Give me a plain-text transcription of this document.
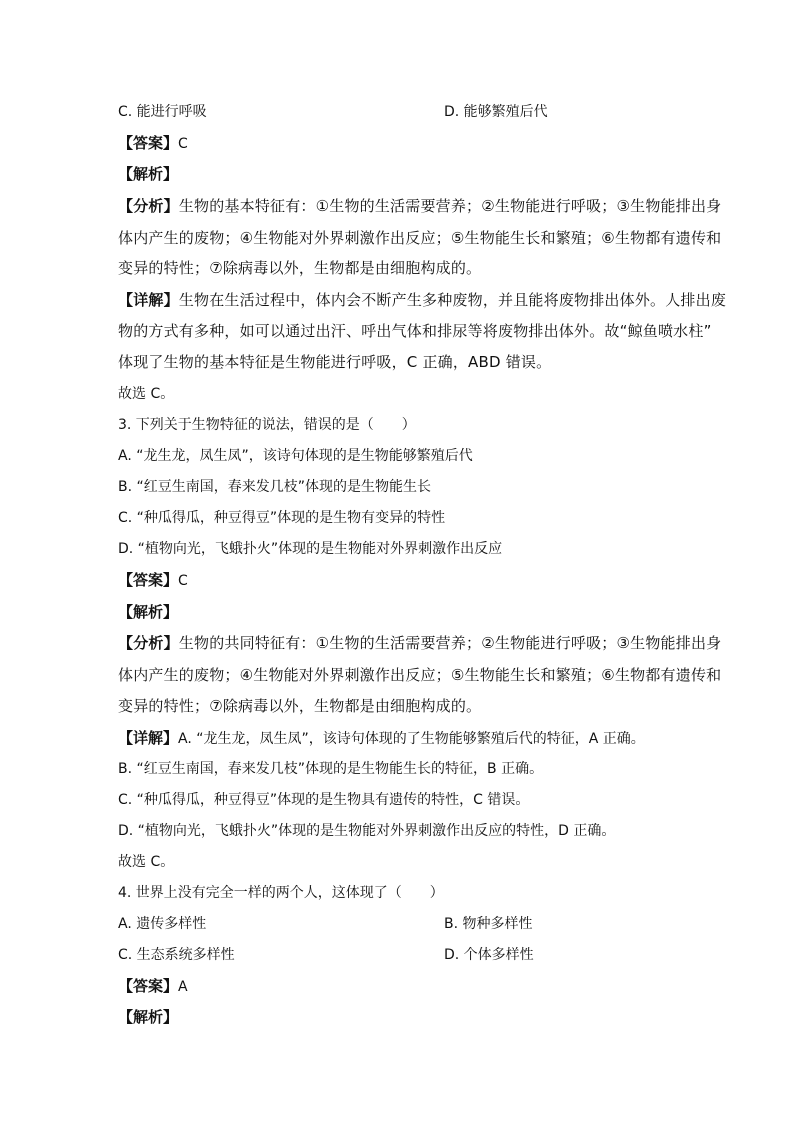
C. 能进行呼吸	D. 能够繁殖后代
【答案】C
【解析】
【分析】生物的基本特征有：①生物的生活需要营养；②生物能进行呼吸；③生物能排出身
体内产生的废物；④生物能对外界刺激作出反应；⑤生物能生长和繁殖；⑥生物都有遗传和
变异的特性；⑦除病毒以外，生物都是由细胞构成的。
【详解】生物在生活过程中，体内会不断产生多种废物，并且能将废物排出体外。人排出废
物的方式有多种，如可以通过出汗、呼出气体和排尿等将废物排出体外。故“鲸鱼喷水柱”
体现了生物的基本特征是生物能进行呼吸，C 正确，ABD 错误。
故选 C。
3. 下列关于生物特征的说法，错误的是（　　）
A. “龙生龙，凤生凤”，该诗句体现的是生物能够繁殖后代
B. “红豆生南国，春来发几枝”体现的是生物能生长
C. “种瓜得瓜，种豆得豆”体现的是生物有变异的特性
D. “植物向光，飞蛾扑火”体现的是生物能对外界刺激作出反应
【答案】C
【解析】
【分析】生物的共同特征有：①生物的生活需要营养；②生物能进行呼吸；③生物能排出身
体内产生的废物；④生物能对外界刺激作出反应；⑤生物能生长和繁殖；⑥生物都有遗传和
变异的特性；⑦除病毒以外，生物都是由细胞构成的。
【详解】A. “龙生龙，凤生凤”，该诗句体现的了生物能够繁殖后代的特征，A 正确。
B. “红豆生南国，春来发几枝”体现的是生物能生长的特征，B 正确。
C. “种瓜得瓜，种豆得豆”体现的是生物具有遗传的特性，C 错误。
D. “植物向光，飞蛾扑火”体现的是生物能对外界刺激作出反应的特性，D 正确。
故选 C。
4. 世界上没有完全一样的两个人，这体现了（　　）
A. 遗传多样性	B. 物种多样性
C. 生态系统多样性	D. 个体多样性
【答案】A
【解析】
